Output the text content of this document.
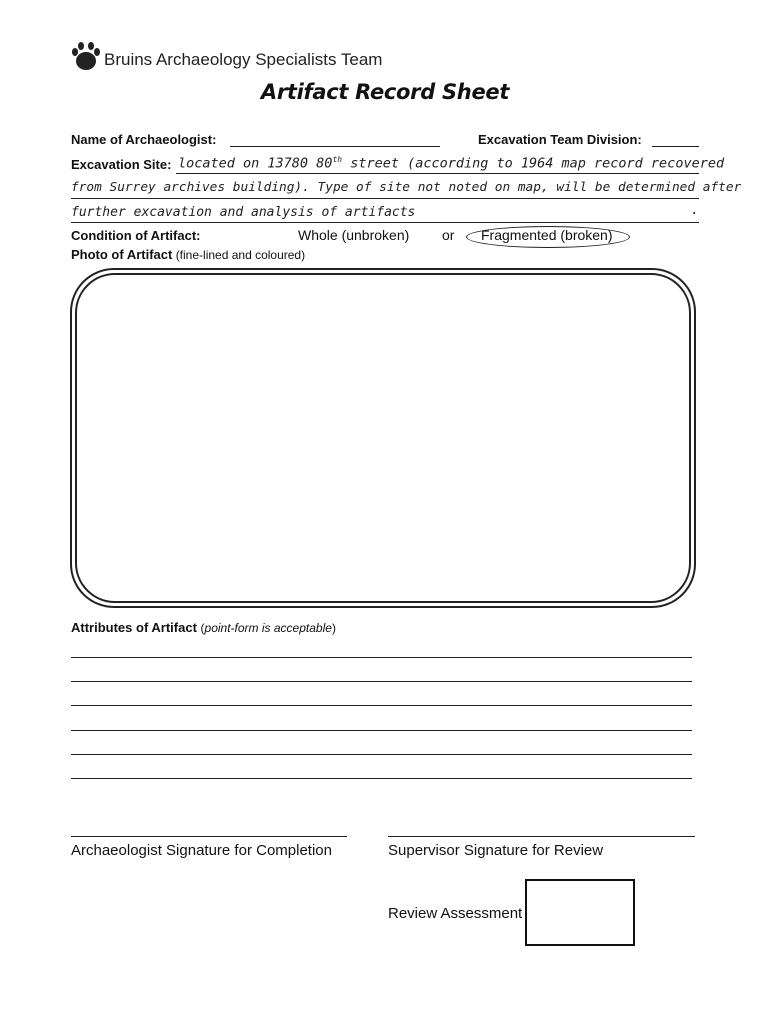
Bruins Archaeology Specialists Team
Artifact Record Sheet
Name of Archaeologist:	Excavation Team Division:
Excavation Site: located on 13780 80th street (according to 1964 map record recovered
from Surrey archives building). Type of site not noted on map, will be determined after
further excavation and analysis of artifacts	.
Condition of Artifact:	Whole (unbroken) or Fragmented (broken)
Photo of Artifact (fine-lined and coloured)
Attributes of Artifact (point-form is acceptable)
Archaeologist Signature for Completion	Supervisor Signature for Review
Review Assessment
